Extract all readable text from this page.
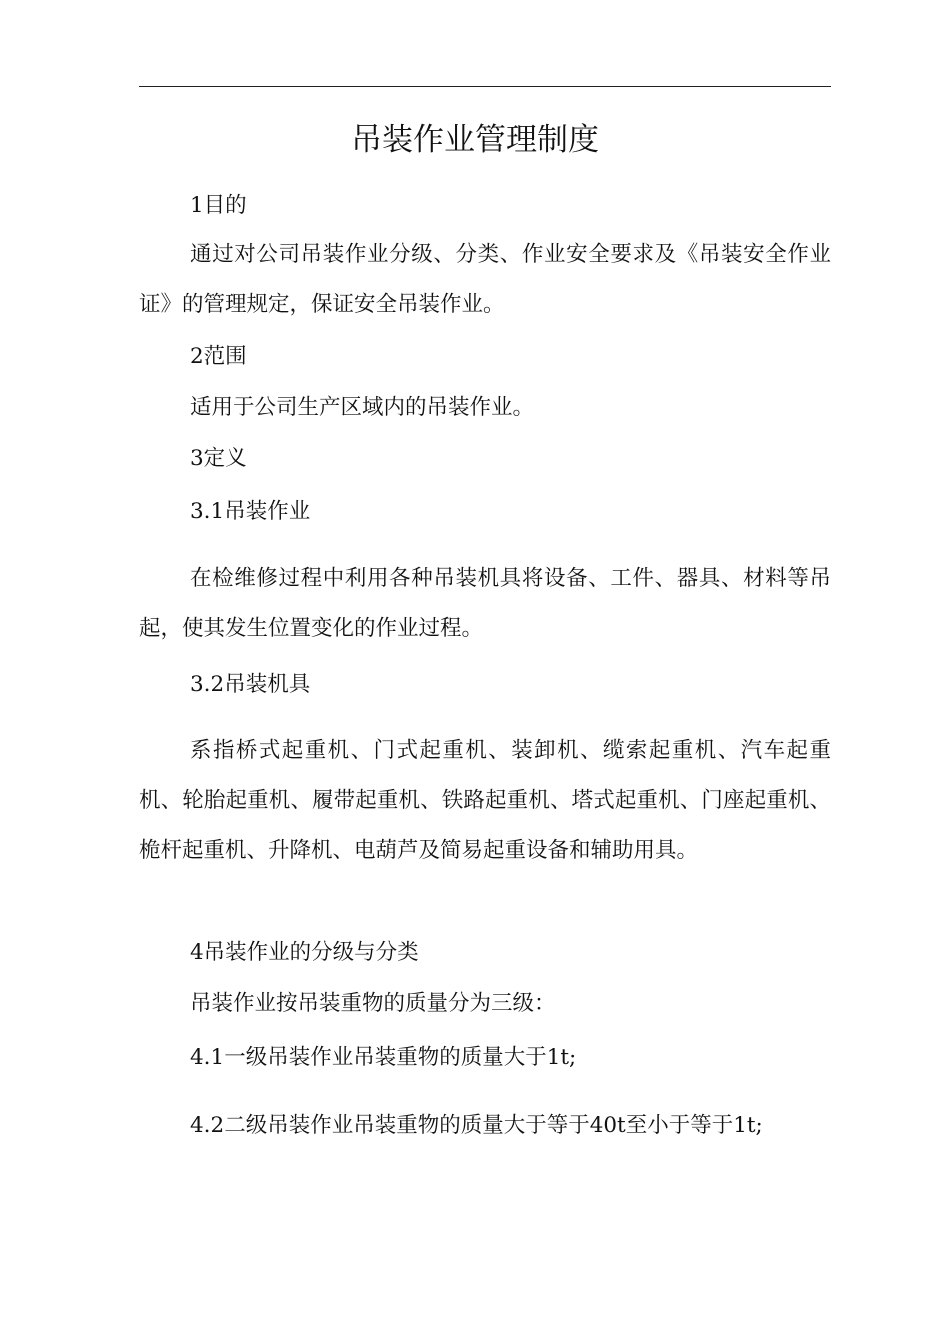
吊装作业管理制度

1目的

通过对公司吊装作业分级、分类、作业安全要求及《吊装安全作业证》的管理规定，保证安全吊装作业。

2范围

适用于公司生产区域内的吊装作业。

3定义

3.1吊装作业

在检维修过程中利用各种吊装机具将设备、工件、器具、材料等吊起，使其发生位置变化的作业过程。

3.2吊装机具

系指桥式起重机、门式起重机、装卸机、缆索起重机、汽车起重机、轮胎起重机、履带起重机、铁路起重机、塔式起重机、门座起重机、桅杆起重机、升降机、电葫芦及简易起重设备和辅助用具。

4吊装作业的分级与分类

吊装作业按吊装重物的质量分为三级：

4.1一级吊装作业吊装重物的质量大于1t;

4.2二级吊装作业吊装重物的质量大于等于40t至小于等于1t;
